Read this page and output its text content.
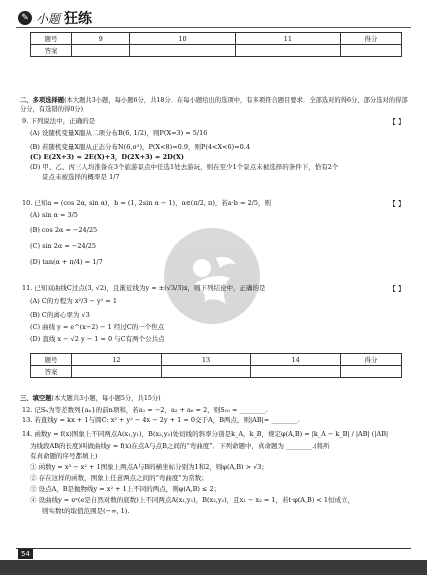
✎ 小题 狂练
题号	9	10	11	得分
答案				
二、多项选择题(本大题共3小题，每小题6分，共18分．在每小题给出的选项中，有多项符合题目要求．全部选对的得6分，部分选对的得部分分，有选错的得0分)
9. 下列说法中，正确的是	【 】
(A) 设随机变量X服从二项分布B(6, 1/2)，则P(X=3) = 5/16
(B) 若随机变量X服从正态分布N(6,σ²)，P(X<8)=0.9，则P(4<X<6)=0.4
(C) E(2X+3) = 2E(X)+3，D(2X+3) = 2D(X)
(D) 甲、乙、丙三人均准备在3个旅游景点中任选1处去游玩，则在至少1个景点未被选择的条件下，恰有2个
景点未被选择的概率是 1/7
10. 已知a = (cos 2α, sin α)，b = (1, 2sin α − 1)，α∈(π/2, π)，若a·b = 2/5，则	【 】
(A) sin α = 3/5
(B) cos 2α = −24/25
(C) sin 2α = −24/25
(D) tan(α + π/4) = 1/7
11. 已知双曲线C过点(3, √2)，且渐近线为y = ±(√3/3)x，则下列结论中，正确的是	【 】
(A) C的方程为 x²/3 − y² = 1
(B) C的离心率为 √3
(C) 曲线 y = e^(x−2) − 1 经过C的一个焦点
(D) 直线 x − √2 y − 1 = 0 与C有两个公共点
题号	12	13	14	得分
答案				
三、填空题(本大题共3小题，每小题5分，共15分)
12. 记Sₙ为等差数列{aₙ}的前n项和，若a₁ = −2，a₂ + a₆ = 2，则S₁₀ = ________.
13. 若直线y = kx + 1与圆C: x² + y² − 4x − 2y + 1 = 0交于A，B两点，则|AB|= ________.
14. 函数y = f(x)图象上不同两点A(x₁,y₁)，B(x₂,y₂)处切线的斜率分别是k_A，k_B，规定φ(A,B) = |k_A − k_B| / |AB| (|AB|
为线段AB的长度)叫做曲线y = f(x)在点A与点B之间的“弯曲度”．下列命题中，真命题为 ________.(将所
有真命题的序号都填上)
① 函数y = x³ − x² + 1图象上两点A与B的横坐标分别为1和2，则φ(A,B) > √3；
② 存在这样的函数，图象上任意两点之间的“弯曲度”为常数；
③ 设点A，B是抛物线y = x² + 1上不同的两点，则φ(A,B) ≤ 2；
④ 设曲线y = eˣ(e是自然对数的底数)上不同两点A(x₁,y₁)，B(x₂,y₂)，且x₁ − x₂ = 1，若t·φ(A,B) < 1恒成立，
则实数t的取值范围是(−∞, 1).
54
